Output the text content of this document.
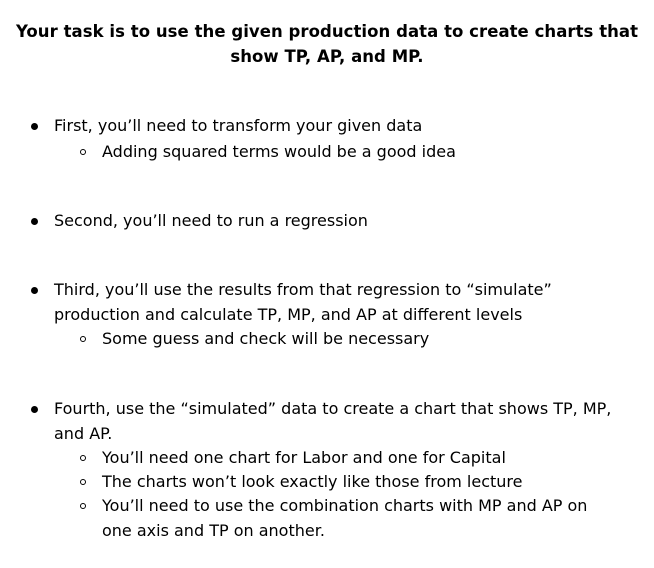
Your task is to use the given production data to create charts that
show TP, AP, and MP.
First, you’ll need to transform your given data
Adding squared terms would be a good idea
Second, you’ll need to run a regression
Third, you’ll use the results from that regression to “simulate”
production and calculate TP, MP, and AP at different levels
Some guess and check will be necessary
Fourth, use the “simulated” data to create a chart that shows TP, MP,
and AP.
You’ll need one chart for Labor and one for Capital
The charts won’t look exactly like those from lecture
You’ll need to use the combination charts with MP and AP on
one axis and TP on another.
